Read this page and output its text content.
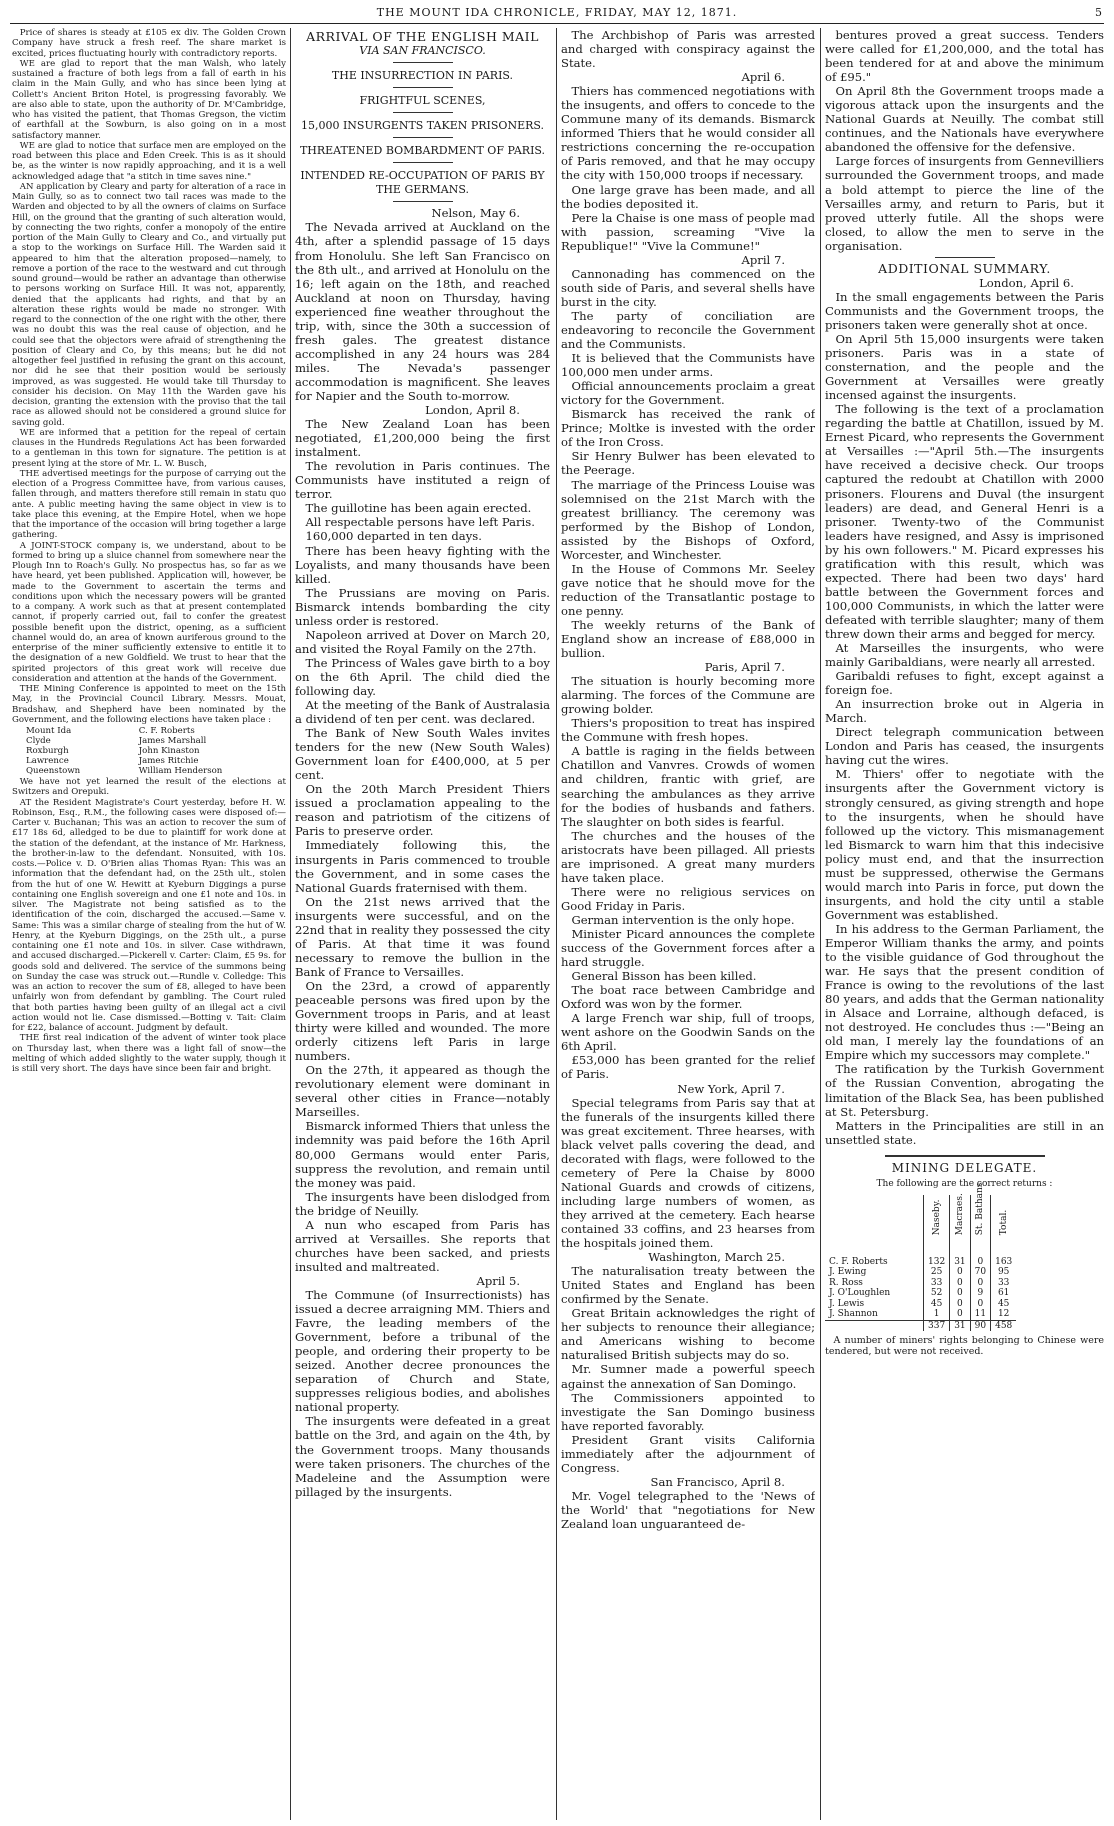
THE MOUNT IDA CHRONICLE, FRIDAY, MAY 12, 1871.	5

Price of shares is steady at £105 ex div. The Golden Crown Company have struck a fresh reef. The share market is excited, prices fluctuating hourly with contradictory reports.

WE are glad to report that the man Walsh, who lately sustained a fracture of both legs from a fall of earth in his claim in the Main Gully, and who has since been lying at Collett's Ancient Briton Hotel, is progressing favorably. We are also able to state, upon the authority of Dr. M'Cambridge, who has visited the patient, that Thomas Gregson, the victim of earthfall at the Sowburn, is also going on in a most satisfactory manner.

WE are glad to notice that surface men are employed on the road between this place and Eden Creek. This is as it should be, as the winter is now rapidly approaching, and it is a well acknowledged adage that "a stitch in time saves nine."

AN application by Cleary and party for alteration of a race in Main Gully, so as to connect two tail races was made to the Warden and objected to by all the owners of claims on Surface Hill, on the ground that the granting of such alteration would, by connecting the two rights, confer a monopoly of the entire portion of the Main Gully to Cleary and Co., and virtually put a stop to the workings on Surface Hill. The Warden said it appeared to him that the alteration proposed—namely, to remove a portion of the race to the westward and cut through sound ground—would be rather an advantage than otherwise to persons working on Surface Hill. It was not, apparently, denied that the applicants had rights, and that by an alteration these rights would be made no stronger. With regard to the connection of the one right with the other, there was no doubt this was the real cause of objection, and he could see that the objectors were afraid of strengthening the position of Cleary and Co, by this means; but he did not altogether feel justified in refusing the grant on this account, nor did he see that their position would be seriously improved, as was suggested. He would take till Thursday to consider his decision. On May 11th the Warden gave his decision, granting the extension with the proviso that the tail race as allowed should not be considered a ground sluice for saving gold.

WE are informed that a petition for the repeal of certain clauses in the Hundreds Regulations Act has been forwarded to a gentleman in this town for signature. The petition is at present lying at the store of Mr. L. W. Busch,

THE advertised meetings for the purpose of carrying out the election of a Progress Committee have, from various causes, fallen through, and matters therefore still remain in statu quo ante. A public meeting having the same object in view is to take place this evening, at the Empire Hotel, when we hope that the importance of the occasion will bring together a large gathering.

A JOINT-STOCK company is, we understand, about to be formed to bring up a sluice channel from somewhere near the Plough Inn to Roach's Gully. No prospectus has, so far as we have heard, yet been published. Application will, however, be made to the Government to ascertain the terms and conditions upon which the necessary powers will be granted to a company. A work such as that at present contemplated cannot, if properly carried out, fail to confer the greatest possible benefit upon the district, opening, as a sufficient channel would do, an area of known auriferous ground to the enterprise of the miner sufficiently extensive to entitle it to the designation of a new Goldfield. We trust to hear that the spirited projectors of this great work will receive due consideration and attention at the hands of the Government.

THE Mining Conference is appointed to meet on the 15th May, in the Provincial Council Library. Messrs. Mouat, Bradshaw, and Shepherd have been nominated by the Government, and the following elections have taken place :

Mount Ida	C. F. Roberts
Clyde	James Marshall
Roxburgh	John Kinaston
Lawrence	James Ritchie
Queenstown	William Henderson

We have not yet learned the result of the elections at Switzers and Orepuki.

AT the Resident Magistrate's Court yesterday, before H. W. Robinson, Esq., R.M., the following cases were disposed of:—Carter v. Buchanan; This was an action to recover the sum of £17 18s 6d, alledged to be due to plaintiff for work done at the station of the defendant, at the instance of Mr. Harkness, the brother-in-law to the defendant. Nonsuited, with 10s. costs.—Police v. D. O'Brien alias Thomas Ryan: This was an information that the defendant had, on the 25th ult., stolen from the hut of one W. Hewitt at Kyeburn Diggings a purse containing one English sovereign and one £1 note and 10s. in silver. The Magistrate not being satisfied as to the identification of the coin, discharged the accused.—Same v. Same: This was a similar charge of stealing from the hut of W. Henry, at the Kyeburn Diggings, on the 25th ult., a purse containing one £1 note and 10s. in silver. Case withdrawn, and accused discharged.—Pickerell v. Carter: Claim, £5 9s. for goods sold and delivered. The service of the summons being on Sunday the case was struck out.—Rundle v. Colledge: This was an action to recover the sum of £8, alleged to have been unfairly won from defendant by gambling. The Court ruled that both parties having been guilty of an illegal act a civil action would not lie. Case dismissed.—Botting v. Tait: Claim for £22, balance of account. Judgment by default.

THE first real indication of the advent of winter took place on Thursday last, when there was a light fall of snow—the melting of which added slightly to the water supply, though it is still very short. The days have since been fair and bright.

ARRIVAL OF THE ENGLISH MAIL

VIA SAN FRANCISCO.

THE INSURRECTION IN PARIS.

FRIGHTFUL SCENES,

15,000 INSURGENTS TAKEN PRISONERS.

THREATENED BOMBARDMENT OF PARIS.

INTENDED RE-OCCUPATION OF PARIS BY THE GERMANS.

Nelson, May 6.

The Nevada arrived at Auckland on the 4th, after a splendid passage of 15 days from Honolulu. She left San Francisco on the 8th ult., and arrived at Honolulu on the 16; left again on the 18th, and reached Auckland at noon on Thursday, having experienced fine weather throughout the trip, with, since the 30th a succession of fresh gales. The greatest distance accomplished in any 24 hours was 284 miles. The Nevada's passenger accommodation is magnificent. She leaves for Napier and the South to-morrow.

London, April 8.

The New Zealand Loan has been negotiated, £1,200,000 being the first instalment.

The revolution in Paris continues. The Communists have instituted a reign of terror.

The guillotine has been again erected.

All respectable persons have left Paris.

160,000 departed in ten days.

There has been heavy fighting with the Loyalists, and many thousands have been killed.

The Prussians are moving on Paris. Bismarck intends bombarding the city unless order is restored.

Napoleon arrived at Dover on March 20, and visited the Royal Family on the 27th.

The Princess of Wales gave birth to a boy on the 6th April. The child died the following day.

At the meeting of the Bank of Australasia a dividend of ten per cent. was declared.

The Bank of New South Wales invites tenders for the new (New South Wales) Government loan for £400,000, at 5 per cent.

On the 20th March President Thiers issued a proclamation appealing to the reason and patriotism of the citizens of Paris to preserve order.

Immediately following this, the insurgents in Paris commenced to trouble the Government, and in some cases the National Guards fraternised with them.

On the 21st news arrived that the insurgents were successful, and on the 22nd that in reality they possessed the city of Paris. At that time it was found necessary to remove the bullion in the Bank of France to Versailles.

On the 23rd, a crowd of apparently peaceable persons was fired upon by the Government troops in Paris, and at least thirty were killed and wounded. The more orderly citizens left Paris in large numbers.

On the 27th, it appeared as though the revolutionary element were dominant in several other cities in France—notably Marseilles.

Bismarck informed Thiers that unless the indemnity was paid before the 16th April 80,000 Germans would enter Paris, suppress the revolution, and remain until the money was paid.

The insurgents have been dislodged from the bridge of Neuilly.

A nun who escaped from Paris has arrived at Versailles. She reports that churches have been sacked, and priests insulted and maltreated.

April 5.

The Commune (of Insurrectionists) has issued a decree arraigning MM. Thiers and Favre, the leading members of the Government, before a tribunal of the people, and ordering their property to be seized. Another decree pronounces the separation of Church and State, suppresses religious bodies, and abolishes national property.

The insurgents were defeated in a great battle on the 3rd, and again on the 4th, by the Government troops. Many thousands were taken prisoners. The churches of the Madeleine and the Assumption were pillaged by the insurgents.

The Archbishop of Paris was arrested and charged with conspiracy against the State.

April 6.

Thiers has commenced negotiations with the insugents, and offers to concede to the Commune many of its demands. Bismarck informed Thiers that he would consider all restrictions concerning the re-occupation of Paris removed, and that he may occupy the city with 150,000 troops if necessary.

One large grave has been made, and all the bodies deposited it.

Pere la Chaise is one mass of people mad with passion, screaming "Vive la Republique!" "Vive la Commune!"

April 7.

Cannonading has commenced on the south side of Paris, and several shells have burst in the city.

The party of conciliation are endeavoring to reconcile the Government and the Communists.

It is believed that the Communists have 100,000 men under arms.

Official announcements proclaim a great victory for the Government.

Bismarck has received the rank of Prince; Moltke is invested with the order of the Iron Cross.

Sir Henry Bulwer has been elevated to the Peerage.

The marriage of the Princess Louise was solemnised on the 21st March with the greatest brilliancy. The ceremony was performed by the Bishop of London, assisted by the Bishops of Oxford, Worcester, and Winchester.

In the House of Commons Mr. Seeley gave notice that he should move for the reduction of the Transatlantic postage to one penny.

The weekly returns of the Bank of England show an increase of £88,000 in bullion.

Paris, April 7.

The situation is hourly becoming more alarming. The forces of the Commune are growing bolder.

Thiers's proposition to treat has inspired the Commune with fresh hopes.

A battle is raging in the fields between Chatillon and Vanvres. Crowds of women and children, frantic with grief, are searching the ambulances as they arrive for the bodies of husbands and fathers. The slaughter on both sides is fearful.

The churches and the houses of the aristocrats have been pillaged. All priests are imprisoned. A great many murders have taken place.

There were no religious services on Good Friday in Paris.

German intervention is the only hope.

Minister Picard announces the complete success of the Government forces after a hard struggle.

General Bisson has been killed.

The boat race between Cambridge and Oxford was won by the former.

A large French war ship, full of troops, went ashore on the Goodwin Sands on the 6th April.

£53,000 has been granted for the relief of Paris.

New York, April 7.

Special telegrams from Paris say that at the funerals of the insurgents killed there was great excitement. Three hearses, with black velvet palls covering the dead, and decorated with flags, were followed to the cemetery of Pere la Chaise by 8000 National Guards and crowds of citizens, including large numbers of women, as they arrived at the cemetery. Each hearse contained 33 coffins, and 23 hearses from the hospitals joined them.

Washington, March 25.

The naturalisation treaty between the United States and England has been confirmed by the Senate.

Great Britain acknowledges the right of her subjects to renounce their allegiance; and Americans wishing to become naturalised British subjects may do so.

Mr. Sumner made a powerful speech against the annexation of San Domingo.

The Commissioners appointed to investigate the San Domingo business have reported favorably.

President Grant visits California immediately after the adjournment of Congress.

San Francisco, April 8.

Mr. Vogel telegraphed to the 'News of the World' that "negotiations for New Zealand loan unguaranteed de-

bentures proved a great success. Tenders were called for £1,200,000, and the total has been tendered for at and above the minimum of £95."

On April 8th the Government troops made a vigorous attack upon the insurgents and the National Guards at Neuilly. The combat still continues, and the Nationals have everywhere abandoned the offensive for the defensive.

Large forces of insurgents from Gennevilliers surrounded the Government troops, and made a bold attempt to pierce the line of the Versailles army, and return to Paris, but it proved utterly futile. All the shops were closed, to allow the men to serve in the organisation.

ADDITIONAL SUMMARY.

London, April 6.

In the small engagements between the Paris Communists and the Government troops, the prisoners taken were generally shot at once.

On April 5th 15,000 insurgents were taken prisoners. Paris was in a state of consternation, and the people and the Government at Versailles were greatly incensed against the insurgents.

The following is the text of a proclamation regarding the battle at Chatillon, issued by M. Ernest Picard, who represents the Government at Versailles :—"April 5th.—The insurgents have received a decisive check. Our troops captured the redoubt at Chatillon with 2000 prisoners. Flourens and Duval (the insurgent leaders) are dead, and General Henri is a prisoner. Twenty-two of the Communist leaders have resigned, and Assy is imprisoned by his own followers." M. Picard expresses his gratification with this result, which was expected. There had been two days' hard battle between the Government forces and 100,000 Communists, in which the latter were defeated with terrible slaughter; many of them threw down their arms and begged for mercy.

At Marseilles the insurgents, who were mainly Garibaldians, were nearly all arrested.

Garibaldi refuses to fight, except against a foreign foe.

An insurrection broke out in Algeria in March.

Direct telegraph communication between London and Paris has ceased, the insurgents having cut the wires.

M. Thiers' offer to negotiate with the insurgents after the Government victory is strongly censured, as giving strength and hope to the insurgents, when he should have followed up the victory. This mismanagement led Bismarck to warn him that this indecisive policy must end, and that the insurrection must be suppressed, otherwise the Germans would march into Paris in force, put down the insurgents, and hold the city until a stable Government was established.

In his address to the German Parliament, the Emperor William thanks the army, and points to the visible guidance of God throughout the war. He says that the present condition of France is owing to the revolutions of the last 80 years, and adds that the German nationality in Alsace and Lorraine, although defaced, is not destroyed. He concludes thus :—"Being an old man, I merely lay the foundations of an Empire which my successors may complete."

The ratification by the Turkish Government of the Russian Convention, abrogating the limitation of the Black Sea, has been published at St. Petersburg.

Matters in the Principalities are still in an unsettled state.

MINING DELEGATE.
The following are the correct returns :
	Naseby.	Macraes.	St. Bathans	Total.
C. F. Roberts	132	31	0	163
J. Ewing	25	0	70	95
R. Ross	33	0	0	33
J. O'Loughlen	52	0	9	61
J. Lewis	45	0	0	45
J. Shannon	1	0	11	12
	337	31	90	458

A number of miners' rights belonging to Chinese were tendered, but were not received.
